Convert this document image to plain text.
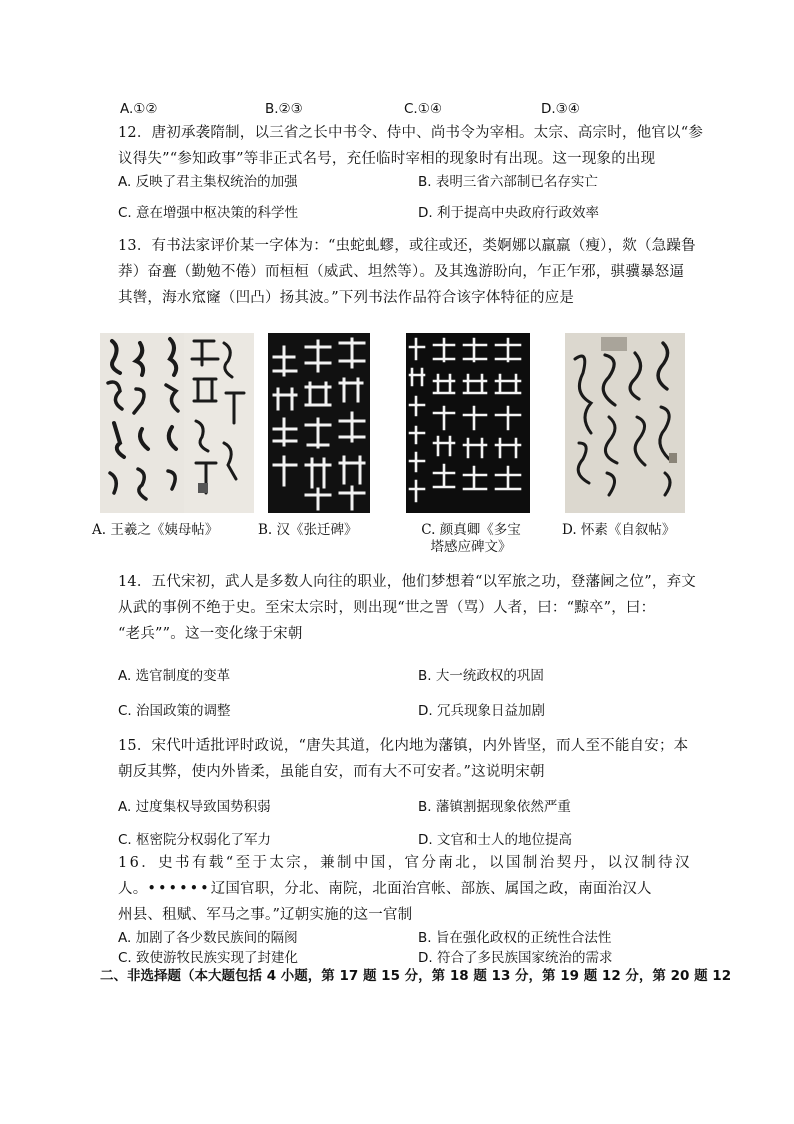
A.①②	B.②③	C.①④	D.③④
12．唐初承袭隋制，以三省之长中书令、侍中、尚书令为宰相。太宗、高宗时，他官以“参
议得失”“参知政事”等非正式名号，充任临时宰相的现象时有出现。这一现象的出现
A. 反映了君主集权统治的加强	B. 表明三省六部制已名存实亡
C. 意在增强中枢决策的科学性	D. 利于提高中央政府行政效率
13．有书法家评价某一字体为：“虫蛇虬蟉，或往或还，类婀娜以羸羸（瘦），欻（急躁鲁
莽）奋亹（勤勉不倦）而桓桓（威武、坦然等）。及其逸游盼向，乍正乍邪，骐骥暴怒逼
其辔，海水窊窿（凹凸）扬其波。”下列书法作品符合该字体特征的应是
A. 王羲之《姨母帖》	B. 汉《张迁碑》	C. 颜真卿《多宝
塔感应碑文》
D. 怀素《自叙帖》
14．五代宋初，武人是多数人向往的职业，他们梦想着“以军旅之功，登藩阃之位”，弃文
从武的事例不绝于史。至宋太宗时，则出现“世之詈（骂）人者，曰：“黥卒”，曰：
“老兵””。这一变化缘于宋朝
A. 选官制度的变革	B. 大一统政权的巩固
C. 治国政策的调整	D. 冗兵现象日益加剧
15．宋代叶适批评时政说，“唐失其道，化内地为藩镇，内外皆坚，而人至不能自安；本
朝反其弊，使内外皆柔，虽能自安，而有大不可安者。”这说明宋朝
A. 过度集权导致国势积弱	B. 藩镇割据现象依然严重
C. 枢密院分权弱化了军力	D. 文官和士人的地位提高
16．史书有载“至于太宗，兼制中国，官分南北，以国制治契丹，以汉制待汉
人。••••••辽国官职，分北、南院，北面治宫帐、部族、属国之政，南面治汉人
州县、租赋、军马之事。”辽朝实施的这一官制
A. 加剧了各少数民族间的隔阂	B. 旨在强化政权的正统性合法性
C. 致使游牧民族实现了封建化	D. 符合了多民族国家统治的需求
二、非选择题（本大题包括 4 小题，第 17 题 15 分，第 18 题 13 分，第 19 题 12 分，第 20 题 12
